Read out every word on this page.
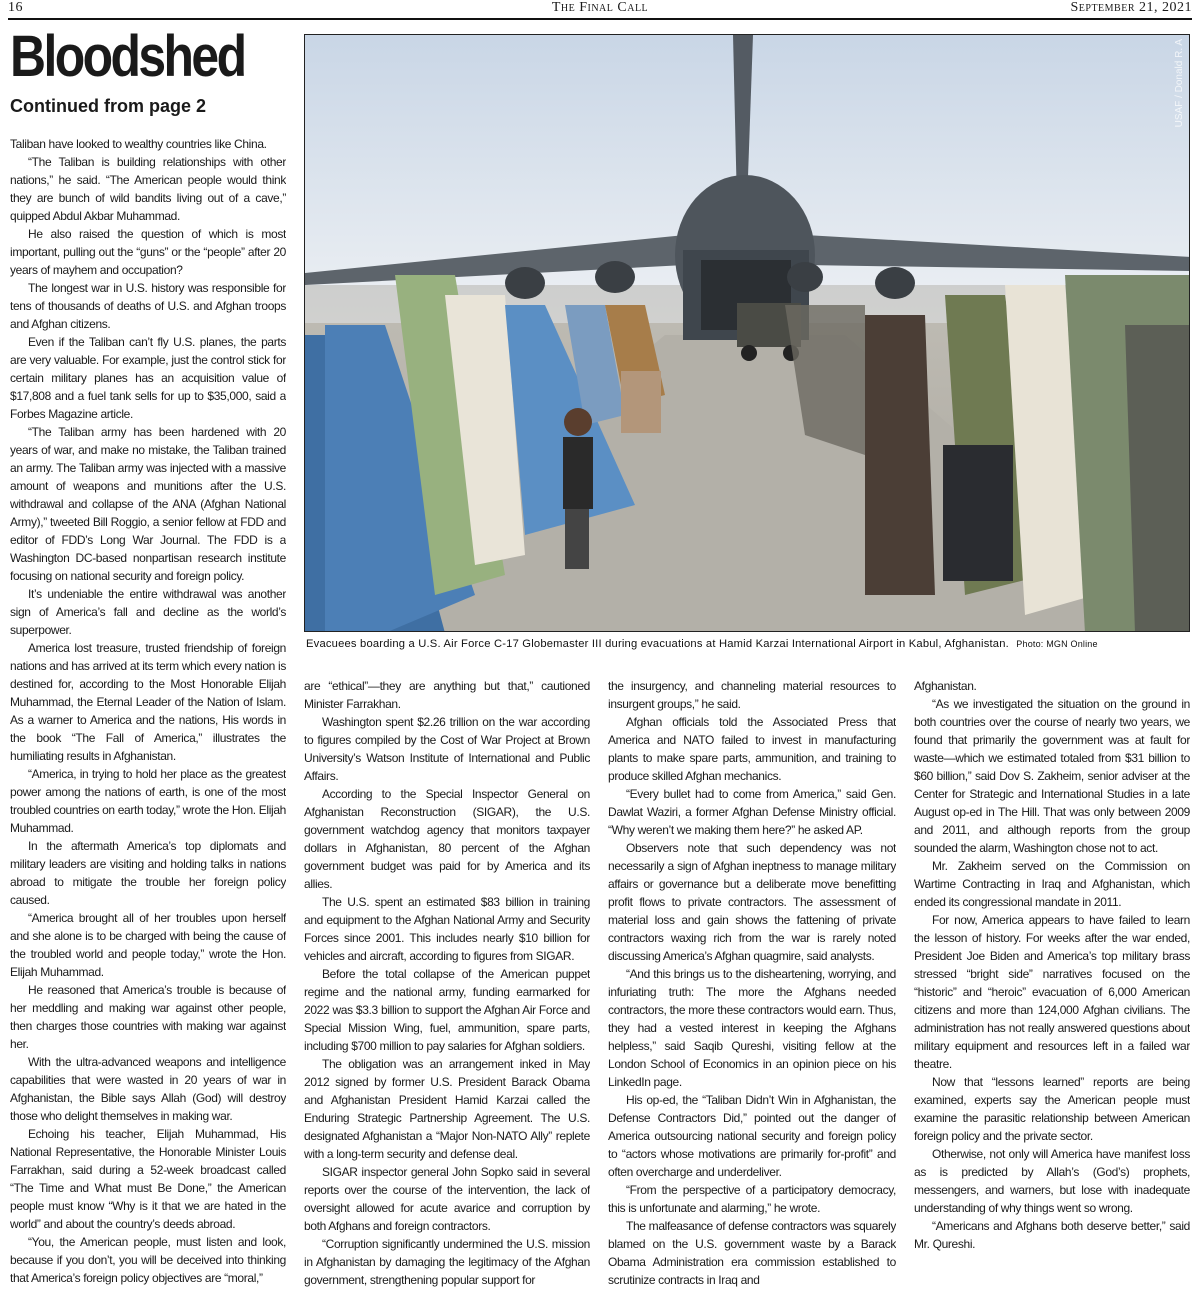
16	The Final Call	September 21, 2021
Bloodshed
Continued from page 2

Taliban have looked to wealthy countries like China.

“The Taliban is building relationships with other nations,” he said. “The American people would think they are bunch of wild bandits living out of a cave,” quipped Abdul Akbar Muhammad.

He also raised the question of which is most important, pulling out the “guns” or the “people” after 20 years of mayhem and occupation?

The longest war in U.S. history was responsible for tens of thousands of deaths of U.S. and Afghan troops and Afghan citizens.

Even if the Taliban can’t fly U.S. planes, the parts are very valuable. For example, just the control stick for certain military planes has an acquisition value of $17,808 and a fuel tank sells for up to $35,000, said a Forbes Magazine article.

“The Taliban army has been hardened with 20 years of war, and make no mistake, the Taliban trained an army. The Taliban army was injected with a massive amount of weapons and munitions after the U.S. withdrawal and collapse of the ANA (Afghan National Army),” tweeted Bill Roggio, a senior fellow at FDD and editor of FDD’s Long War Journal. The FDD is a Washington DC-based nonpartisan research institute focusing on national security and foreign policy.

It’s undeniable the entire withdrawal was another sign of America’s fall and decline as the world’s superpower.

America lost treasure, trusted friendship of foreign nations and has arrived at its term which every nation is destined for, according to the Most Honorable Elijah Muhammad, the Eternal Leader of the Nation of Islam. As a warner to America and the nations, His words in the book “The Fall of America,” illustrates the humiliating results in Afghanistan.

“America, in trying to hold her place as the greatest power among the nations of earth, is one of the most troubled countries on earth today,” wrote the Hon. Elijah Muhammad.

In the aftermath America’s top diplomats and military leaders are visiting and holding talks in nations abroad to mitigate the trouble her foreign policy caused.

“America brought all of her troubles upon herself and she alone is to be charged with being the cause of the troubled world and people today,” wrote the Hon. Elijah Muhammad.

He reasoned that America’s trouble is because of her meddling and making war against other people, then charges those countries with making war against her.

With the ultra-advanced weapons and intelligence capabilities that were wasted in 20 years of war in Afghanistan, the Bible says Allah (God) will destroy those who delight themselves in making war.

Echoing his teacher, Elijah Muhammad, His National Representative, the Honorable Minister Louis Farrakhan, said during a 52-week broadcast called “The Time and What must Be Done,” the American people must know “Why is it that we are hated in the world” and about the country’s deeds abroad.

“You, the American people, must listen and look, because if you don’t, you will be deceived into thinking that America’s foreign policy objectives are “moral,”

USAF / Donald R. A
Evacuees boarding a U.S. Air Force C-17 Globemaster III during evacuations at Hamid Karzai International Airport in Kabul, Afghanistan. Photo: MGN Online

are “ethical”—they are anything but that,” cautioned Minister Farrakhan.

Washington spent $2.26 trillion on the war according to figures compiled by the Cost of War Project at Brown University’s Watson Institute of International and Public Affairs.

According to the Special Inspector General on Afghanistan Reconstruction (SIGAR), the U.S. government watchdog agency that monitors taxpayer dollars in Afghanistan, 80 percent of the Afghan government budget was paid for by America and its allies.

The U.S. spent an estimated $83 billion in training and equipment to the Afghan National Army and Security Forces since 2001. This includes nearly $10 billion for vehicles and aircraft, according to figures from SIGAR.

Before the total collapse of the American puppet regime and the national army, funding earmarked for 2022 was $3.3 billion to support the Afghan Air Force and Special Mission Wing, fuel, ammunition, spare parts, including $700 million to pay salaries for Afghan soldiers.

The obligation was an arrangement inked in May 2012 signed by former U.S. President Barack Obama and Afghanistan President Hamid Karzai called the Enduring Strategic Partnership Agreement. The U.S. designated Afghanistan a “Major Non-NATO Ally” replete with a long-term security and defense deal.

SIGAR inspector general John Sopko said in several reports over the course of the intervention, the lack of oversight allowed for acute avarice and corruption by both Afghans and foreign contractors.

“Corruption significantly undermined the U.S. mission in Afghanistan by damaging the legitimacy of the Afghan government, strengthening popular support for

the insurgency, and channeling material resources to insurgent groups,” he said.

Afghan officials told the Associated Press that America and NATO failed to invest in manufacturing plants to make spare parts, ammunition, and training to produce skilled Afghan mechanics.

“Every bullet had to come from America,” said Gen. Dawlat Waziri, a former Afghan Defense Ministry official. “Why weren’t we making them here?” he asked AP.

Observers note that such dependency was not necessarily a sign of Afghan ineptness to manage military affairs or governance but a deliberate move benefitting profit flows to private contractors. The assessment of material loss and gain shows the fattening of private contractors waxing rich from the war is rarely noted discussing America’s Afghan quagmire, said analysts.

“And this brings us to the disheartening, worrying, and infuriating truth: The more the Afghans needed contractors, the more these contractors would earn. Thus, they had a vested interest in keeping the Afghans helpless,” said Saqib Qureshi, visiting fellow at the London School of Economics in an opinion piece on his LinkedIn page.

His op-ed, the “Taliban Didn’t Win in Afghanistan, the Defense Contractors Did,” pointed out the danger of America outsourcing national security and foreign policy to “actors whose motivations are primarily for-profit” and often overcharge and underdeliver.

“From the perspective of a participatory democracy, this is unfortunate and alarming,” he wrote.

The malfeasance of defense contractors was squarely blamed on the U.S. government waste by a Barack Obama Administration era commission established to scrutinize contracts in Iraq and

Afghanistan.

“As we investigated the situation on the ground in both countries over the course of nearly two years, we found that primarily the government was at fault for waste—which we estimated totaled from $31 billion to $60 billion,” said Dov S. Zakheim, senior adviser at the Center for Strategic and International Studies in a late August op-ed in The Hill. That was only between 2009 and 2011, and although reports from the group sounded the alarm, Washington chose not to act.

Mr. Zakheim served on the Commission on Wartime Contracting in Iraq and Afghanistan, which ended its congressional mandate in 2011.

For now, America appears to have failed to learn the lesson of history. For weeks after the war ended, President Joe Biden and America’s top military brass stressed “bright side” narratives focused on the “historic” and “heroic” evacuation of 6,000 American citizens and more than 124,000 Afghan civilians. The administration has not really answered questions about military equipment and resources left in a failed war theatre.

Now that “lessons learned” reports are being examined, experts say the American people must examine the parasitic relationship between American foreign policy and the private sector.

Otherwise, not only will America have manifest loss as is predicted by Allah’s (God’s) prophets, messengers, and warners, but lose with inadequate understanding of why things went so wrong.

“Americans and Afghans both deserve better,” said Mr. Qureshi.
